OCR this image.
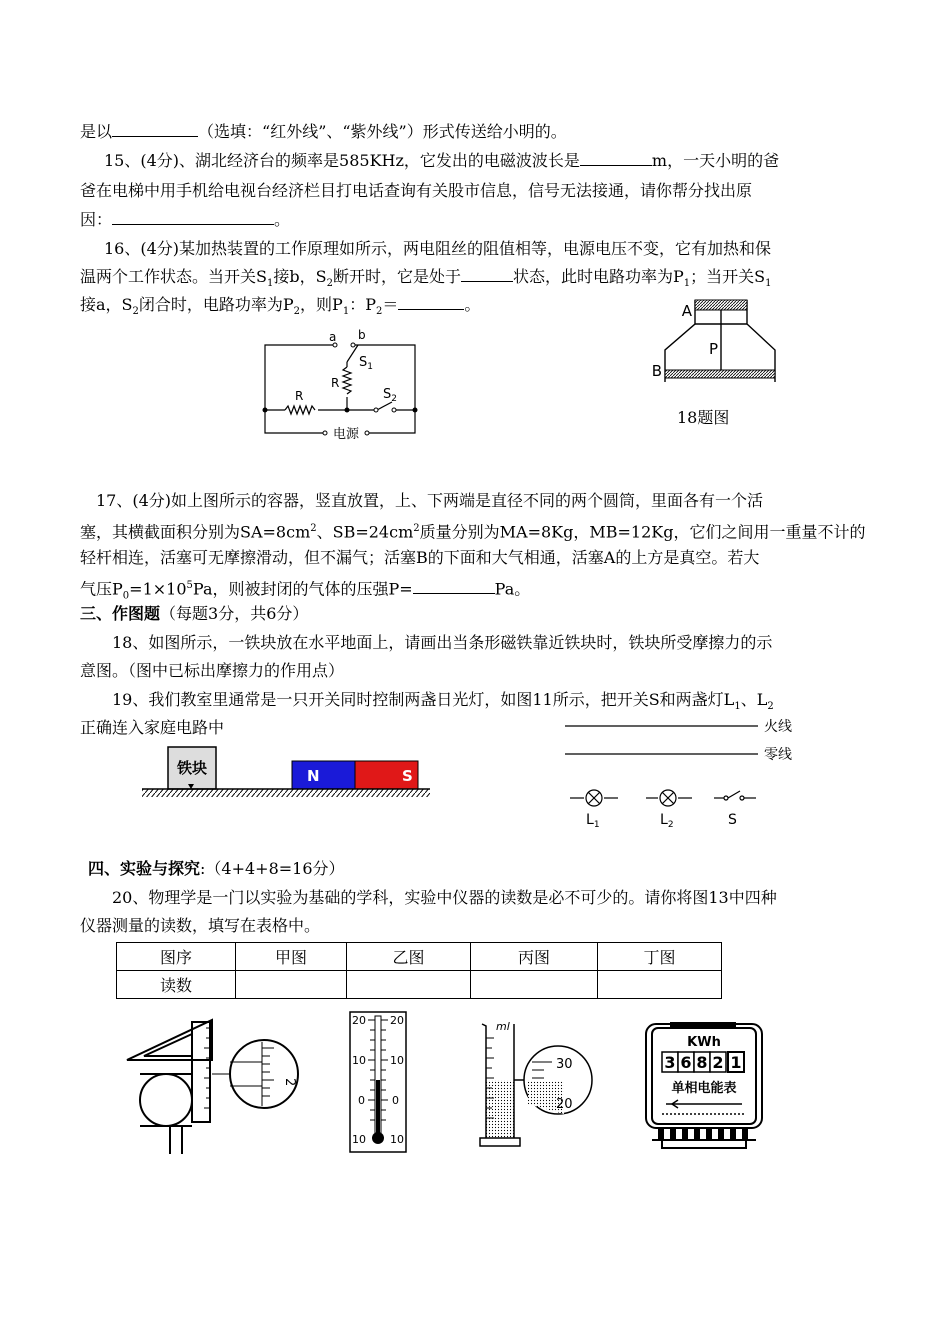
是以	（选填：“红外线”、“紫外线”）形式传送给小明的。
15、(4分)、湖北经济台的频率是585KHz，它发出的电磁波波长是	m，一天小明的爸
爸在电梯中用手机给电视台经济栏目打电话查询有关股市信息，信号无法接通，请你帮分找出原
因：	。
16、(4分)某加热装置的工作原理如所示，两电阻丝的阻值相等，电源电压不变，它有加热和保
温两个工作状态。当开关$S_1$接b，$S_2$断开时，它是处于	状态，此时电路功率为$P_1$；当开关$S_1$
接a，$S_2$闭合时，电路功率为$P_2$，则$P_1$：$P_2=$	。
a b
$S_1$
R
R	$S_2$
电源
A
B
P
18题图
17、(4分)如上图所示的容器，竖直放置，上、下两端是直径不同的两个圆筒，里面各有一个活
塞，其横截面积分别为$SA=8cm^2$、$SB=24cm^2$质量分别为MA=8Kg，MB=12Kg，它们之间用一重量不计的
轻杆相连，活塞可无摩擦滑动，但不漏气；活塞B的下面和大气相通，活塞A的上方是真空。若大
气压$P_0=1\times 10^5Pa$，则被封闭的气体的压强P=	Pa。
三、作图题（每题3分，共6分）
18、如图所示，一铁块放在水平地面上，请画出当条形磁铁靠近铁块时，铁块所受摩擦力的示
意图。（图中已标出摩擦力的作用点）
19、我们教室里通常是一只开关同时控制两盏日光灯，如图11所示，把开关S和两盏灯$L_1$、$L_2$
正确连入家庭电路中
铁块	N	S
火线
零线
$L_1$	$L_2$	S
四、实验与探究:（4+4+8=16分）
20、物理学是一门以实验为基础的学科，实验中仪器的读数是必不可少的。请你将图13中四种
仪器测量的读数，填写在表格中。
图序	甲图	乙图	丙图	丁图
读数				
2
20 20
10 10
0 0
10 10
ml
30
20
KWh
3 6 8 2 1
单相电能表
